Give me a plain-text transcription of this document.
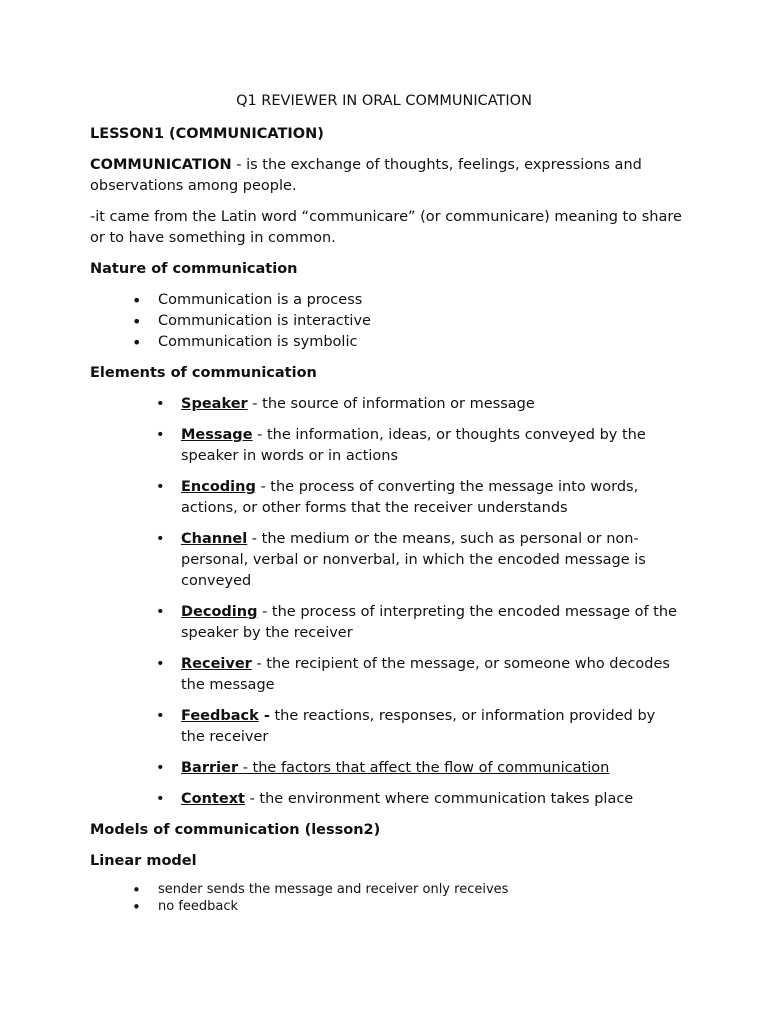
Q1 REVIEWER IN ORAL COMMUNICATION

LESSON1 (COMMUNICATION)

COMMUNICATION - is the exchange of thoughts, feelings, expressions and observations among people.

-it came from the Latin word “communicare” (or communicare) meaning to share or to have something in common.

Nature of communication

• Communication is a process
• Communication is interactive
• Communication is symbolic

Elements of communication

• Speaker - the source of information or message
• Message - the information, ideas, or thoughts conveyed by the speaker in words or in actions
• Encoding - the process of converting the message into words, actions, or other forms that the receiver understands
• Channel - the medium or the means, such as personal or non-personal, verbal or nonverbal, in which the encoded message is conveyed
• Decoding - the process of interpreting the encoded message of the speaker by the receiver
• Receiver - the recipient of the message, or someone who decodes the message
• Feedback - the reactions, responses, or information provided by the receiver
• Barrier - the factors that affect the flow of communication
• Context - the environment where communication takes place

Models of communication (lesson2)

Linear model

• sender sends the message and receiver only receives
• no feedback
